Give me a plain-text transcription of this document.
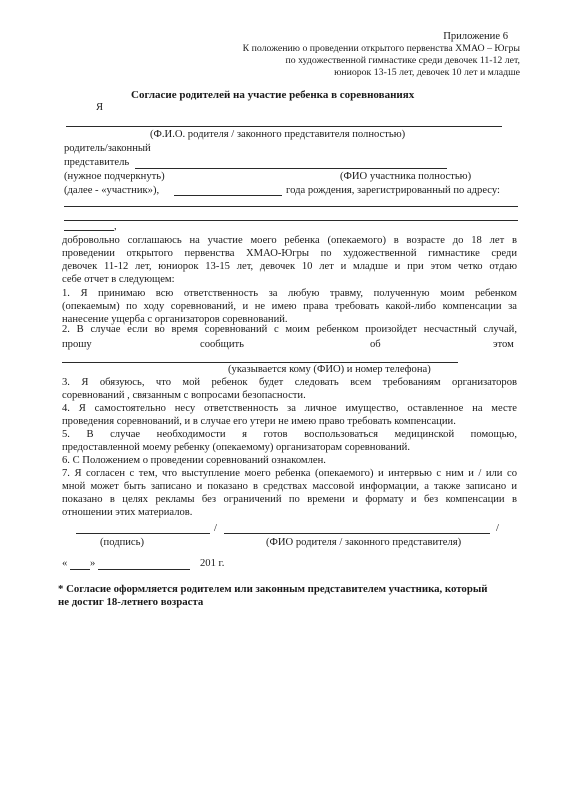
Приложение 6
К положению о проведении открытого первенства ХМАО – Югры
по художественной гимнастике среди девочек 11-12 лет,
юниорок 13-15 лет, девочек 10 лет и младше
Согласие родителей на участие ребенка в соревнованиях
Я
(Ф.И.О. родителя / законного представителя полностью)
родитель/законный
представитель
(нужное подчеркнуть)	(ФИО участника полностью)
(далее - «участник»),	года рождения, зарегистрированный по адресу:
,
добровольно соглашаюсь на участие моего ребенка (опекаемого) в возрасте до 18 лет в
проведении открытого первенства ХМАО-Югры по художественной гимнастике среди
девочек 11-12 лет, юниорок 13-15 лет, девочек 10 лет и младше и при этом четко отдаю
себе отчет в следующем:
1. Я принимаю всю ответственность за любую травму, полученную моим ребенком
(опекаемым) по ходу соревнований, и не имею права требовать какой-либо компенсации за
нанесение ущерба с организаторов соревнований.
2. В случае если во время соревнований с моим ребенком произойдет несчастный случай,
прошу	сообщить	об	этом
(указывается кому (ФИО) и номер телефона)
3. Я обязуюсь, что мой ребенок будет следовать всем требованиям организаторов
соревнований , связанным с вопросами безопасности.
4. Я самостоятельно несу ответственность за личное имущество, оставленное на месте
проведения соревнований, и в случае его утери не имею право требовать компенсации.
5. В случае необходимости я готов воспользоваться медицинской помощью,
предоставленной моему ребенку (опекаемому) организаторам соревнований.
6. С Положением о проведении соревнований ознакомлен.
7. Я согласен с тем, что выступление моего ребенка (опекаемого) и интервью с ним и / или со
мной может быть записано и показано в средствах массовой информации, а также записано и
показано в целях рекламы без ограничений по времени и формату и без компенсации в
отношении этих материалов.
/	/
(подпись)	(ФИО родителя / законного представителя)
« »	201 г.
* Согласие оформляется родителем или законным представителем участника, который
не достиг 18-летнего возраста
